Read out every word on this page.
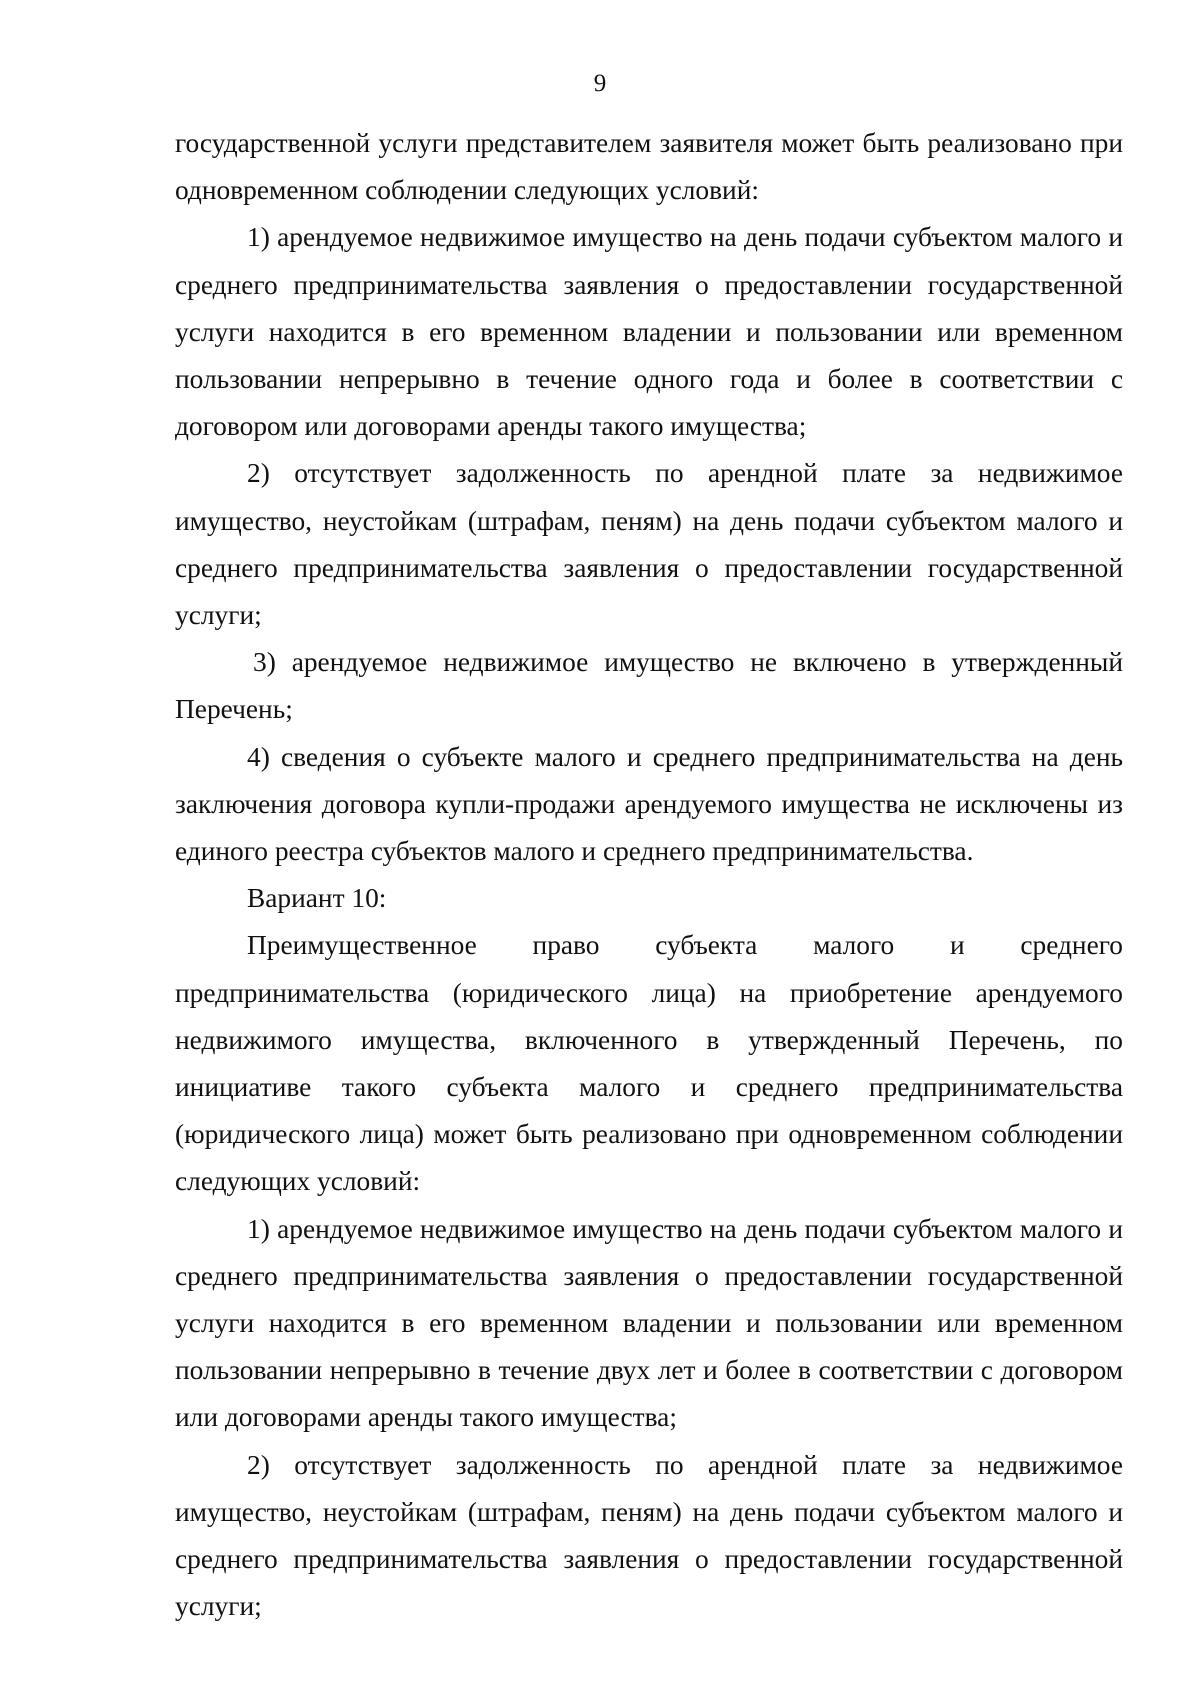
9

государственной услуги представителем заявителя может быть реализовано при одновременном соблюдении следующих условий:

1) арендуемое недвижимое имущество на день подачи субъектом малого и среднего предпринимательства заявления о предоставлении государственной услуги находится в его временном владении и пользовании или временном пользовании непрерывно в течение одного года и более в соответствии с договором или договорами аренды такого имущества;

2) отсутствует задолженность по арендной плате за недвижимое имущество, неустойкам (штрафам, пеням) на день подачи субъектом малого и среднего предпринимательства заявления о предоставлении государственной услуги;

3) арендуемое недвижимое имущество не включено в утвержденный Перечень;

4) сведения о субъекте малого и среднего предпринимательства на день заключения договора купли-продажи арендуемого имущества не исключены из единого реестра субъектов малого и среднего предпринимательства.

Вариант 10:

Преимущественное право субъекта малого и среднего предпринимательства (юридического лица) на приобретение арендуемого недвижимого имущества, включенного в утвержденный Перечень, по инициативе такого субъекта малого и среднего предпринимательства (юридического лица) может быть реализовано при одновременном соблюдении следующих условий:

1) арендуемое недвижимое имущество на день подачи субъектом малого и среднего предпринимательства заявления о предоставлении государственной услуги находится в его временном владении и пользовании или временном пользовании непрерывно в течение двух лет и более в соответствии с договором или договорами аренды такого имущества;

2) отсутствует задолженность по арендной плате за недвижимое имущество, неустойкам (штрафам, пеням) на день подачи субъектом малого и среднего предпринимательства заявления о предоставлении государственной услуги;
